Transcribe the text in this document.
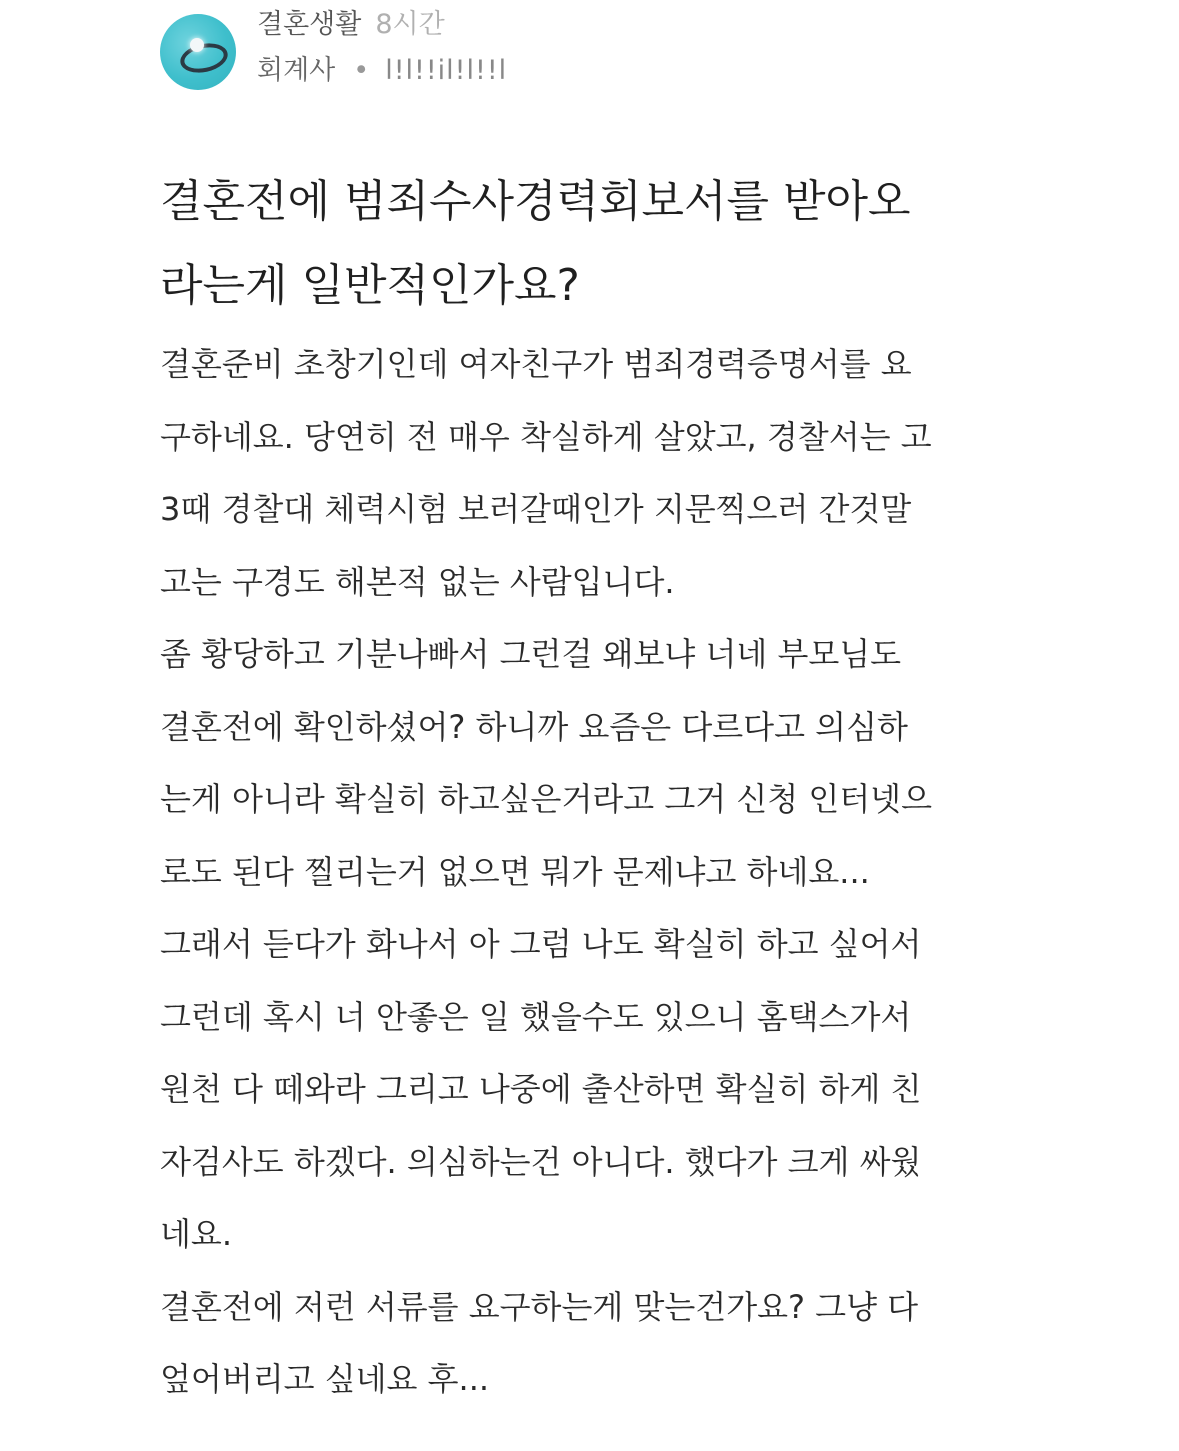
결혼생활 8시간
회계사 • l!l!!il!l!!l
결혼전에 범죄수사경력회보서를 받아오
라는게 일반적인가요?

결혼준비 초창기인데 여자친구가 범죄경력증명서를 요

구하네요. 당연히 전 매우 착실하게 살았고, 경찰서는 고

3때 경찰대 체력시험 보러갈때인가 지문찍으러 간것말

고는 구경도 해본적 없는 사람입니다.

좀 황당하고 기분나빠서 그런걸 왜보냐 너네 부모님도

결혼전에 확인하셨어? 하니까 요즘은 다르다고 의심하

는게 아니라 확실히 하고싶은거라고 그거 신청 인터넷으

로도 된다 찔리는거 없으면 뭐가 문제냐고 하네요...

그래서 듣다가 화나서 아 그럼 나도 확실히 하고 싶어서

그런데 혹시 너 안좋은 일 했을수도 있으니 홈택스가서

원천 다 떼와라 그리고 나중에 출산하면 확실히 하게 친

자검사도 하겠다. 의심하는건 아니다. 했다가 크게 싸웠

네요.

결혼전에 저런 서류를 요구하는게 맞는건가요? 그냥 다

엎어버리고 싶네요 후...
